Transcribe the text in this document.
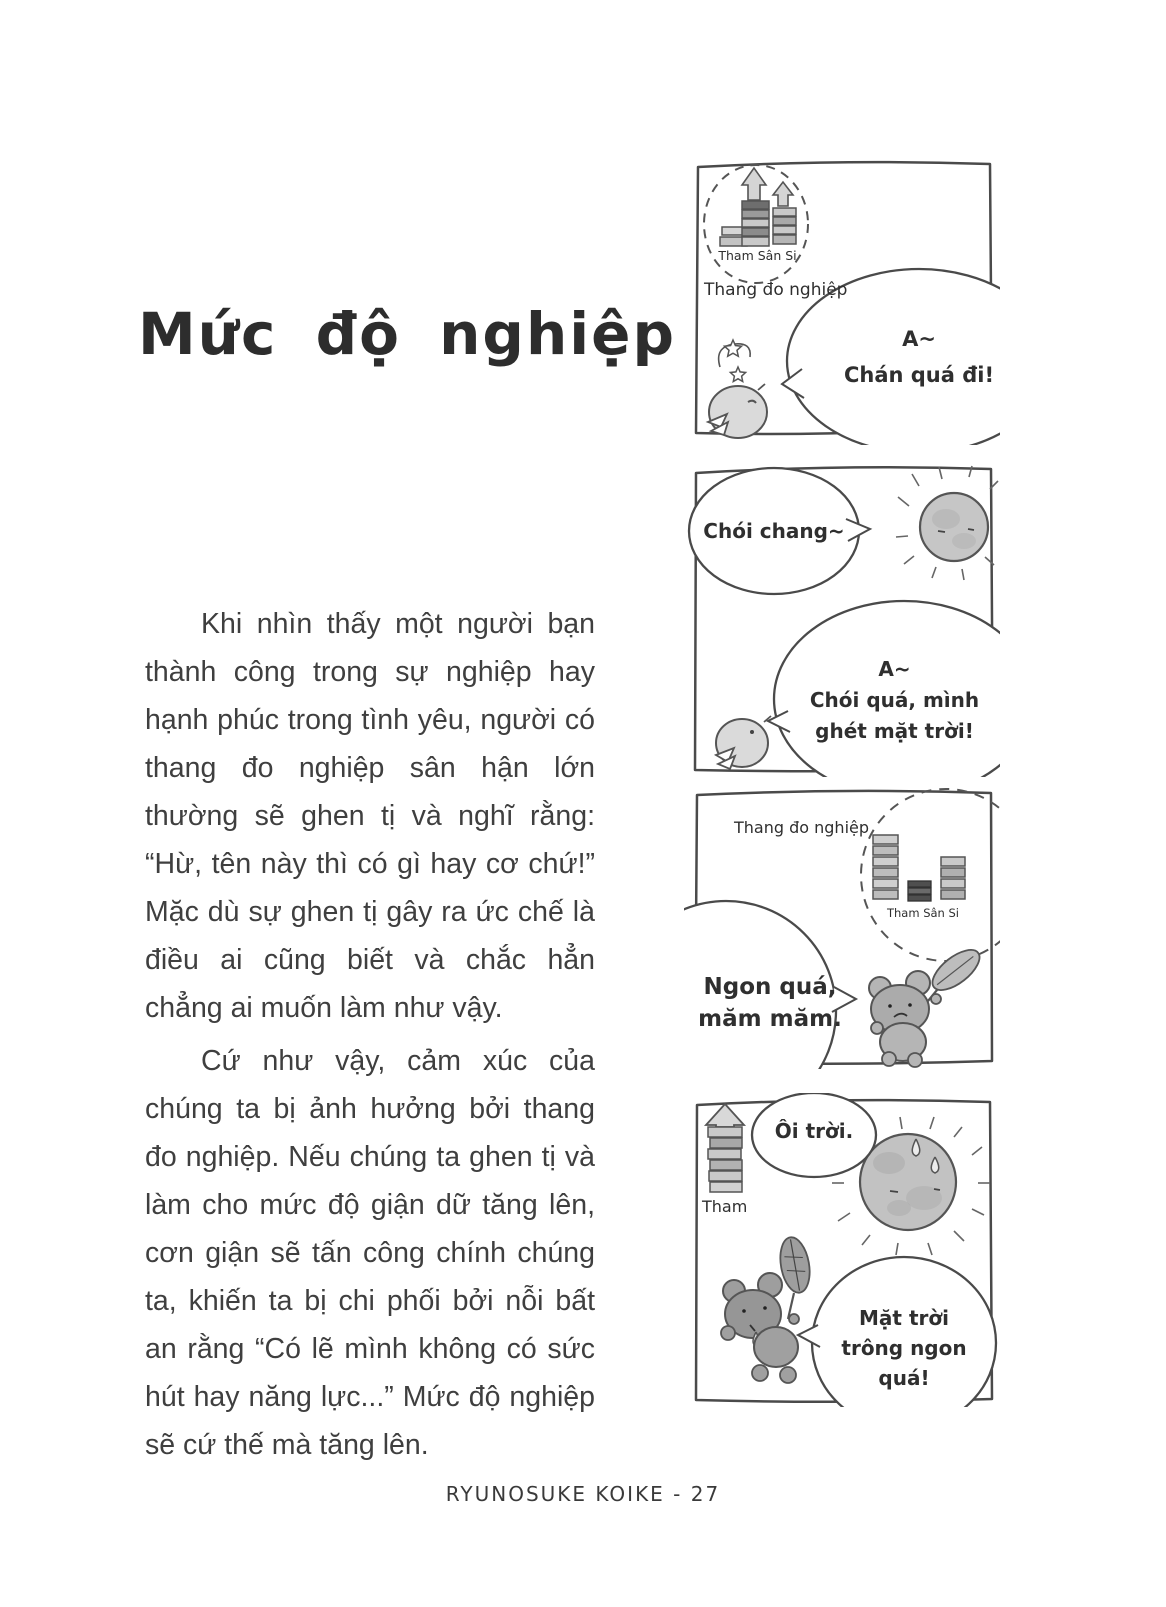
Mức độ nghiệp

Khi nhìn thấy một người bạn thành công trong sự nghiệp hay hạnh phúc trong tình yêu, người có thang đo nghiệp sân hận lớn thường sẽ ghen tị và nghĩ rằng: “Hừ, tên này thì có gì hay cơ chứ!” Mặc dù sự ghen tị gây ra ức chế là điều ai cũng biết và chắc hẳn chẳng ai muốn làm như vậy.

Cứ như vậy, cảm xúc của chúng ta bị ảnh hưởng bởi thang đo nghiệp. Nếu chúng ta ghen tị và làm cho mức độ giận dữ tăng lên, cơn giận sẽ tấn công chính chúng ta, khiến ta bị chi phối bởi nỗi bất an rằng “Có lẽ mình không có sức hút hay năng lực...” Mức độ nghiệp sẽ cứ thế mà tăng lên.

Tham Sân Si
Thang đo nghiệp
A~
Chán quá đi!
Chói chang~
A~
Chói quá, mình
ghét mặt trời!
Thang đo nghiệp
Tham Sân Si
Ngon quá,
măm măm.
Tham
Ôi trời.
Mặt trời
trông ngon
quá!
RYUNOSUKE KOIKE - 27
